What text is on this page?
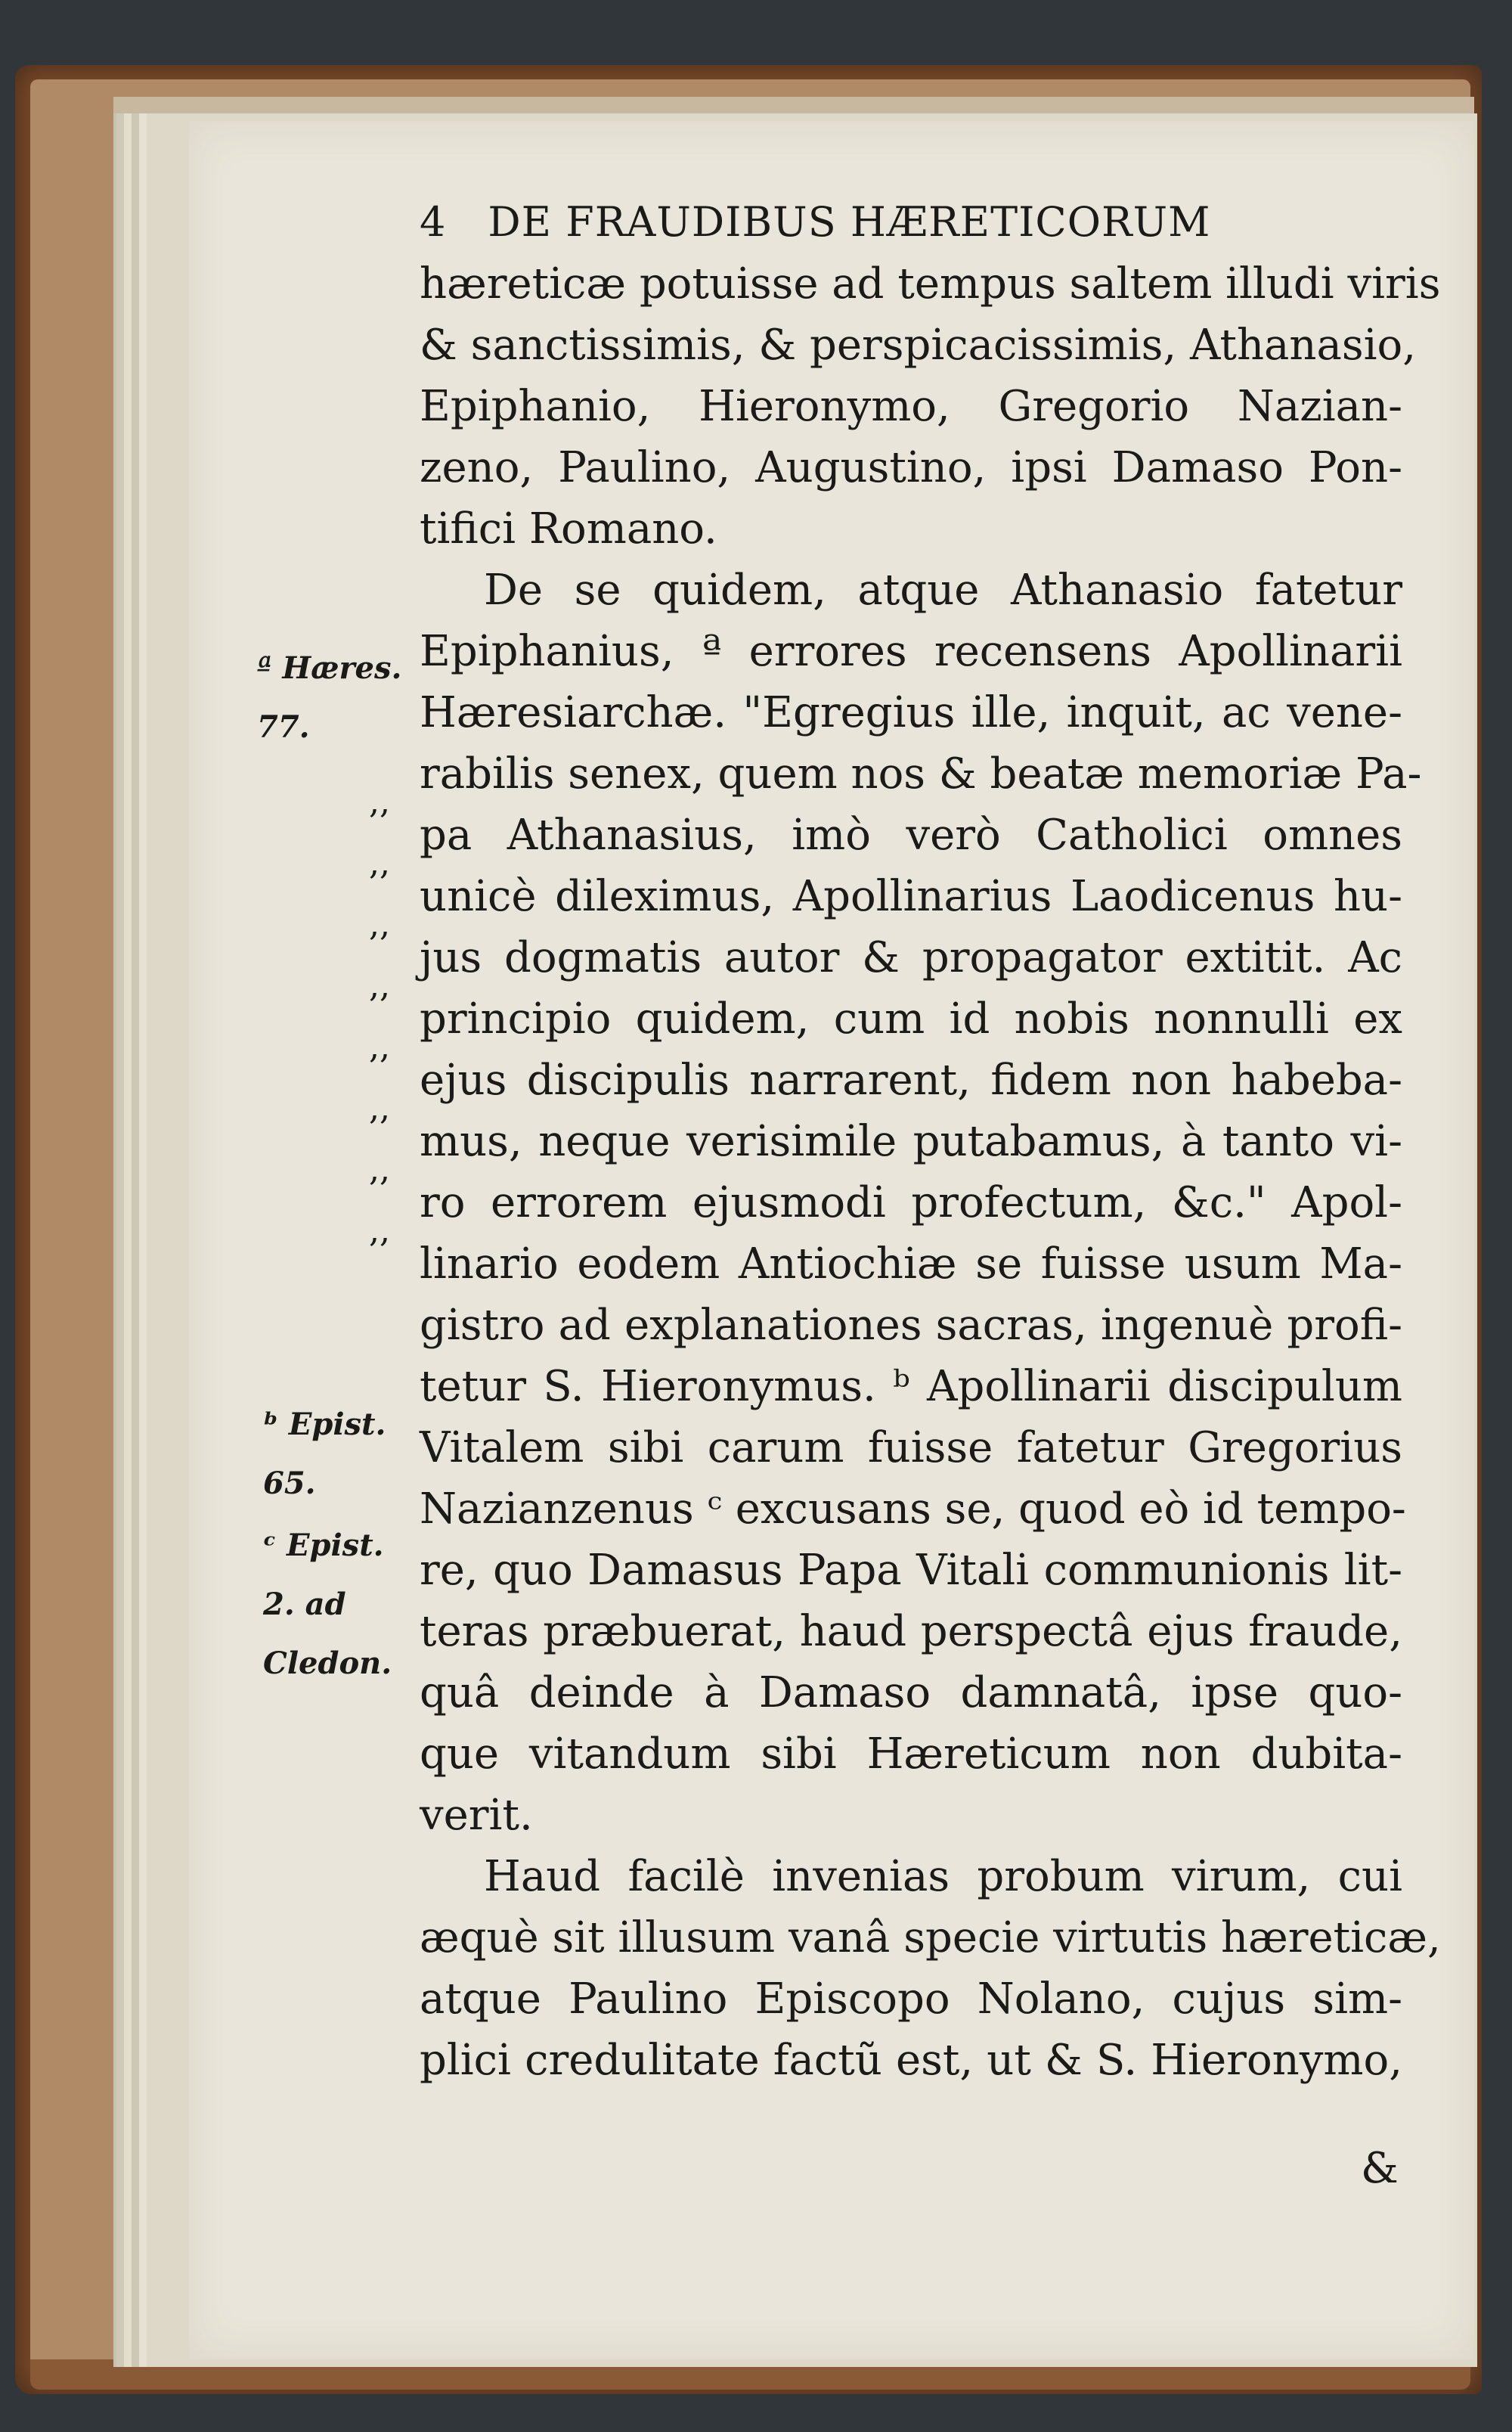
4 DE FRAUDIBUS HÆRETICORUM
hæreticæ potuisse ad tempus saltem illudi viris
& sanctissimis, & perspicacissimis, Athanasio,
Epiphanio, Hieronymo, Gregorio Nazian-
zeno, Paulino, Augustino, ipsi Damaso Pon-
tifici Romano.
De se quidem, atque Athanasio fatetur
Epiphanius, ª errores recensens Apollinarii
Hæresiarchæ. "Egregius ille, inquit, ac vene-
rabilis senex, quem nos & beatæ memoriæ Pa-
pa Athanasius, imò verò Catholici omnes
unicè dileximus, Apollinarius Laodicenus hu-
jus dogmatis autor & propagator extitit. Ac
principio quidem, cum id nobis nonnulli ex
ejus discipulis narrarent, fidem non habeba-
mus, neque verisimile putabamus, à tanto vi-
ro errorem ejusmodi profectum, &c." Apol-
linario eodem Antiochiæ se fuisse usum Ma-
gistro ad explanationes sacras, ingenuè profi-
tetur S. Hieronymus. ᵇ Apollinarii discipulum
Vitalem sibi carum fuisse fatetur Gregorius
Nazianzenus ᶜ excusans se, quod eò id tempo-
re, quo Damasus Papa Vitali communionis lit-
teras præbuerat, haud perspectâ ejus fraude,
quâ deinde à Damaso damnatâ, ipse quo-
que vitandum sibi Hæreticum non dubita-
verit.
Haud facilè invenias probum virum, cui
æquè sit illusum vanâ specie virtutis hæreticæ,
atque Paulino Episcopo Nolano, cujus sim-
plici credulitate factũ est, ut & S. Hieronymo,
,,
,,
,,
,,
,,
,,
,,
,,
ª Hæres.
77.
ᵇ Epist.
65.
ᶜ Epist.
2. ad
Cledon.
&
